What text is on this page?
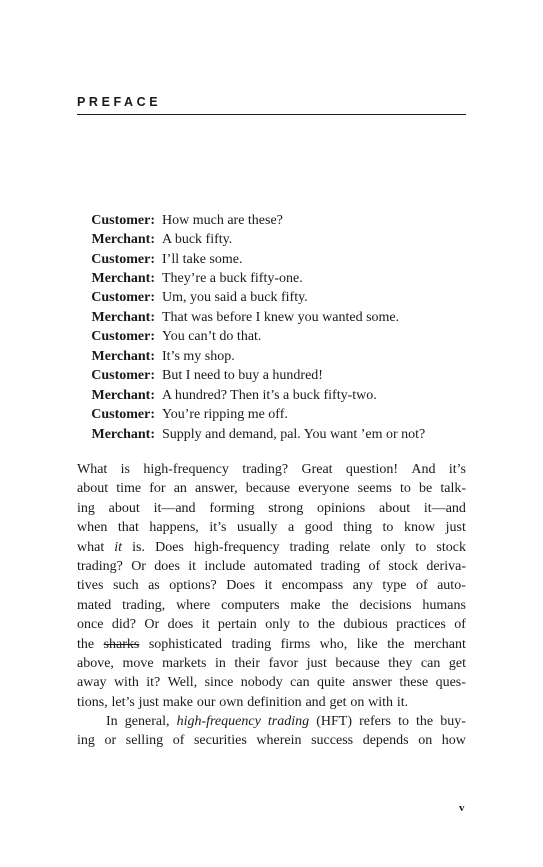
PREFACE
Customer: How much are these?
Merchant: A buck fifty.
Customer: I’ll take some.
Merchant: They’re a buck fifty-one.
Customer: Um, you said a buck fifty.
Merchant: That was before I knew you wanted some.
Customer: You can’t do that.
Merchant: It’s my shop.
Customer: But I need to buy a hundred!
Merchant: A hundred? Then it’s a buck fifty-two.
Customer: You’re ripping me off.
Merchant: Supply and demand, pal. You want ’em or not?
What is high-frequency trading? Great question! And it’s
about time for an answer, because everyone seems to be talk-
ing about it—and forming strong opinions about it—and
when that happens, it’s usually a good thing to know just
what it is. Does high-frequency trading relate only to stock
trading? Or does it include automated trading of stock deriva-
tives such as options? Does it encompass any type of auto-
mated trading, where computers make the decisions humans
once did? Or does it pertain only to the dubious practices of
the sharks sophisticated trading firms who, like the merchant
above, move markets in their favor just because they can get
away with it? Well, since nobody can quite answer these ques-
tions, let’s just make our own definition and get on with it.
In general, high-frequency trading (HFT) refers to the buy-
ing or selling of securities wherein success depends on how
v
